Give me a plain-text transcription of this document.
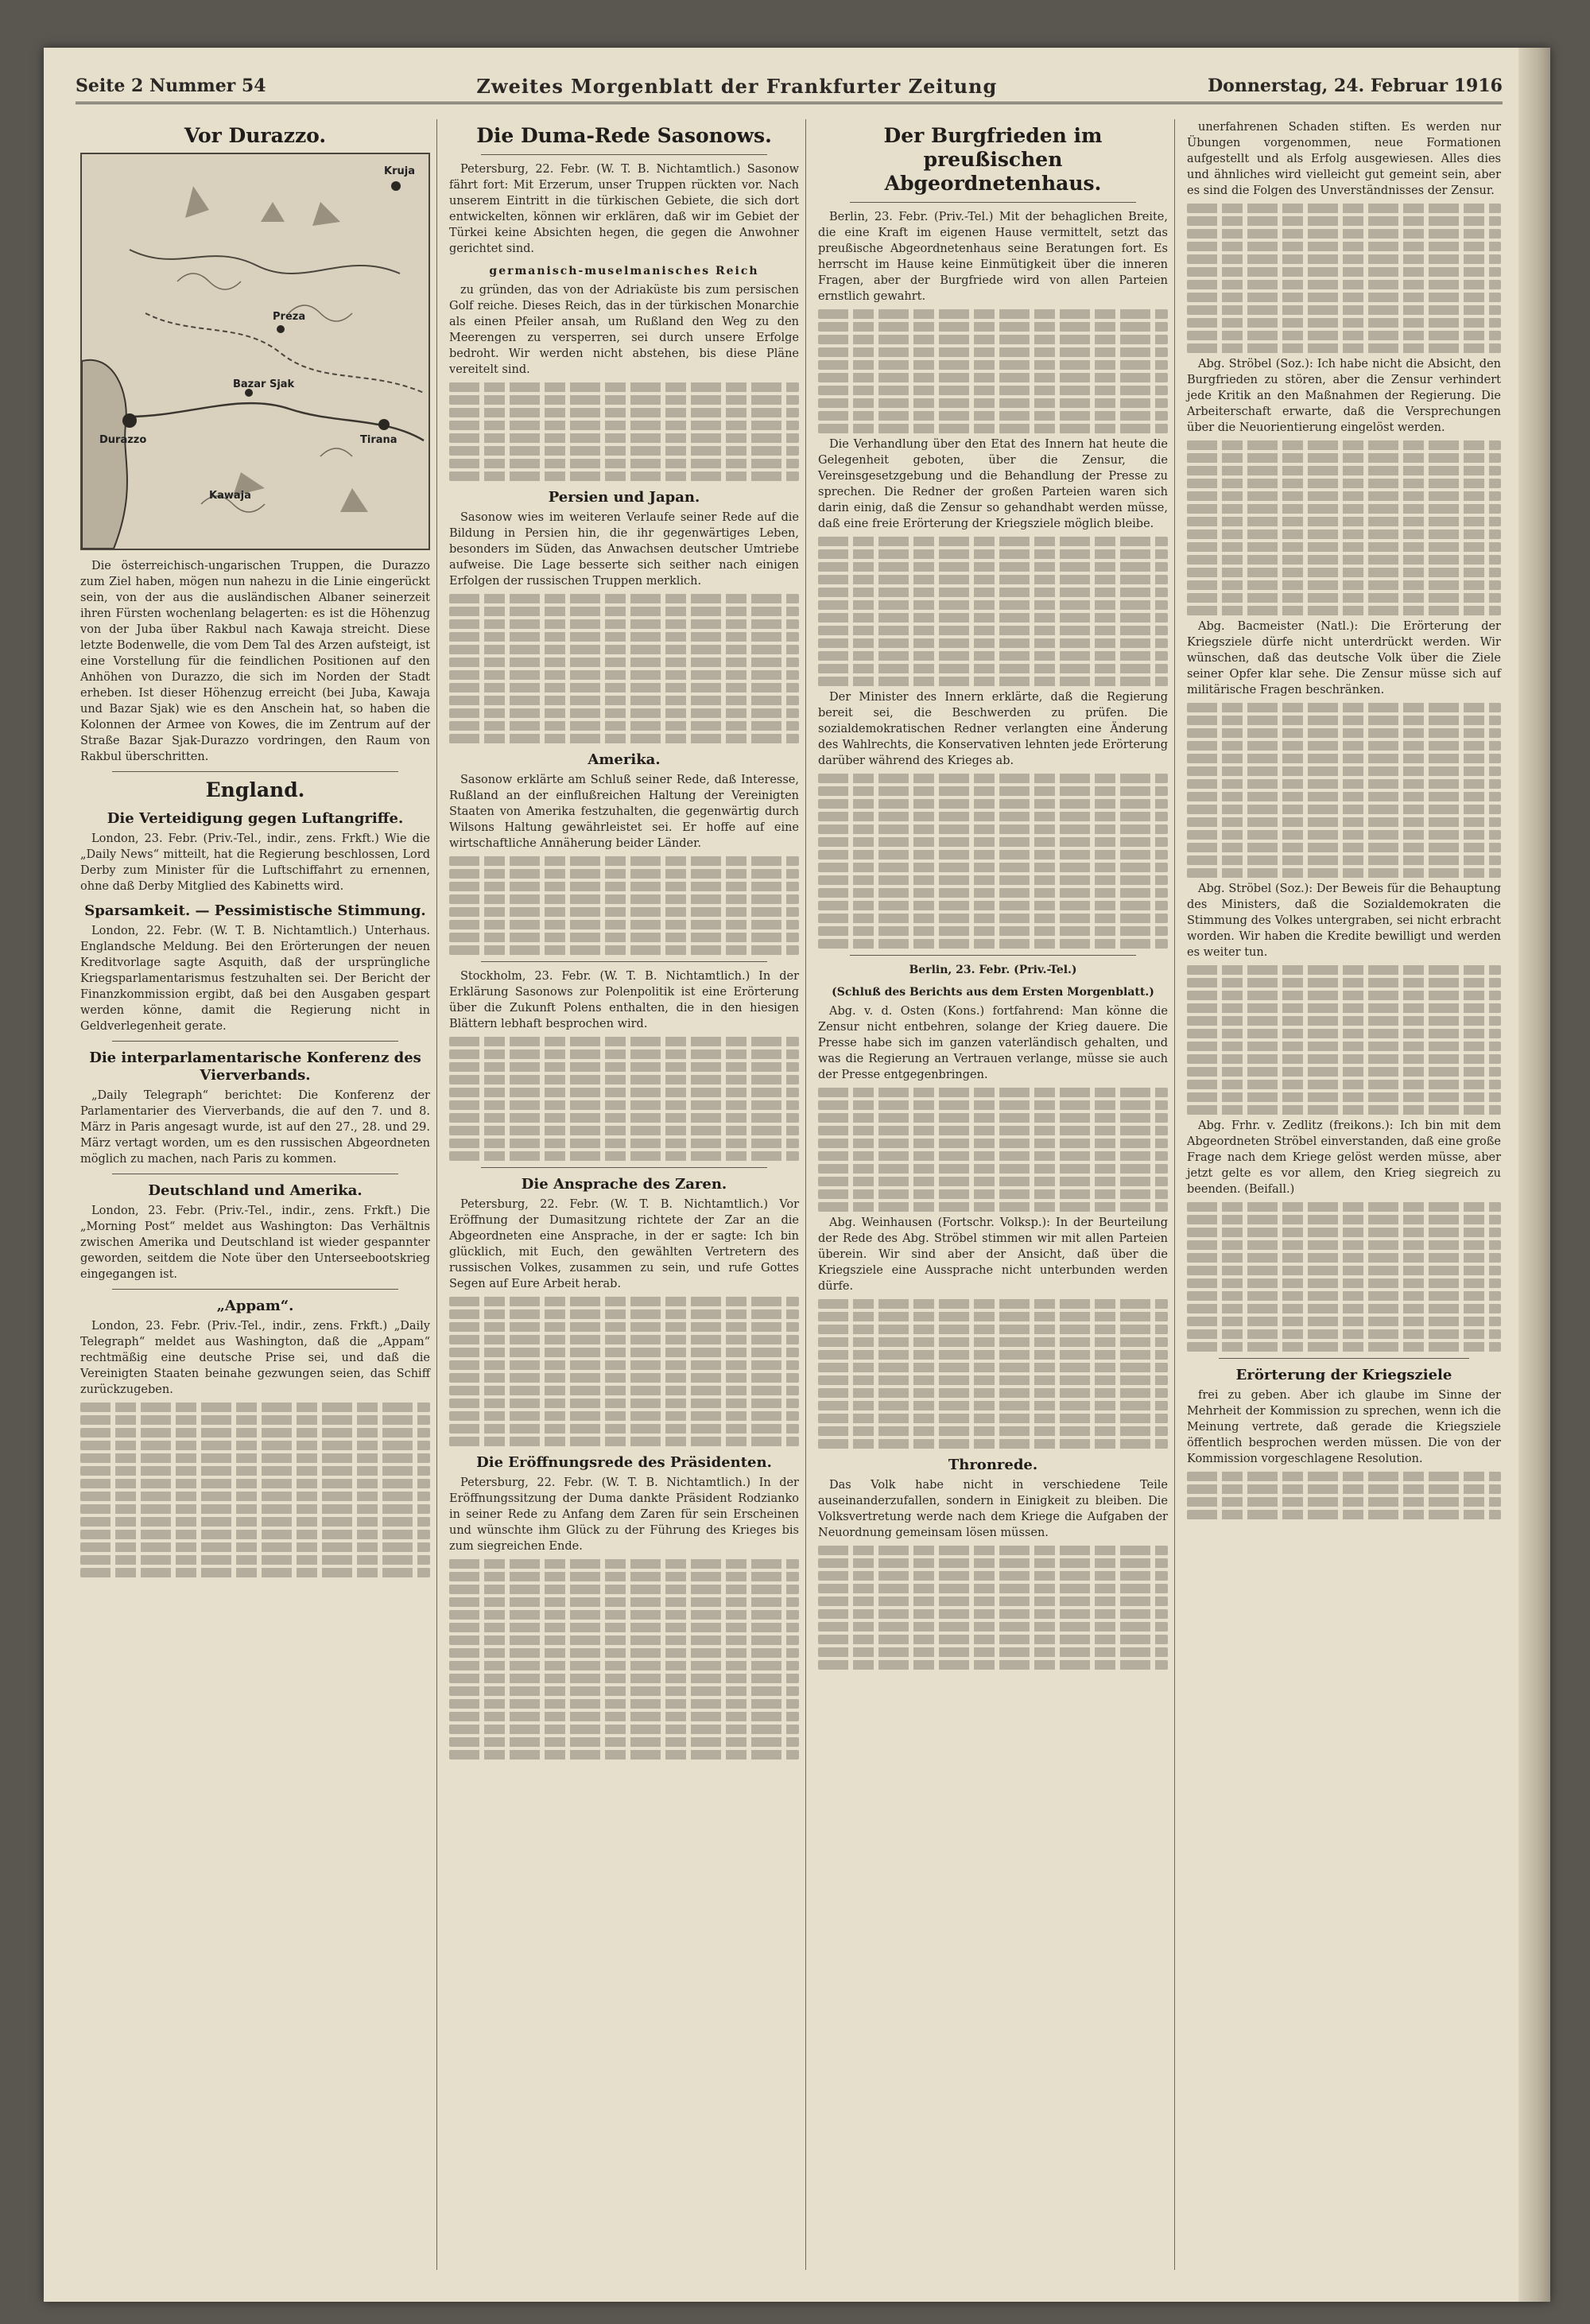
Seite 2 Nummer 54	Zweites Morgenblatt der Frankfurter Zeitung	Donnerstag, 24. Februar 1916
Vor Durazzo.
Kruja
Durazzo
Bazar Sjak
Tirana
Preza
Kawaja

Die österreichisch-ungarischen Truppen, die Durazzo zum Ziel haben, mögen nun nahezu in die Linie eingerückt sein, von der aus die ausländischen Albaner seinerzeit ihren Fürsten wochenlang belagerten: es ist die Höhenzug von der Juba über Rakbul nach Kawaja streicht. Diese letzte Bodenwelle, die vom Dem Tal des Arzen aufsteigt, ist eine Vorstellung für die feindlichen Positionen auf den Anhöhen von Durazzo, die sich im Norden der Stadt erheben. Ist dieser Höhenzug erreicht (bei Juba, Kawaja und Bazar Sjak) wie es den Anschein hat, so haben die Kolonnen der Armee von Kowes, die im Zentrum auf der Straße Bazar Sjak-Durazzo vordringen, den Raum von Rakbul überschritten.

England.
Die Verteidigung gegen Luftangriffe.

London, 23. Febr. (Priv.-Tel., indir., zens. Frkft.) Wie die „Daily News“ mitteilt, hat die Regierung beschlossen, Lord Derby zum Minister für die Luftschiffahrt zu ernennen, ohne daß Derby Mitglied des Kabinetts wird.

Sparsamkeit. — Pessimistische Stimmung.

London, 22. Febr. (W. T. B. Nichtamtlich.) Unterhaus. Englandsche Meldung. Bei den Erörterungen der neuen Kreditvorlage sagte Asquith, daß der ursprüngliche Kriegsparlamentarismus festzuhalten sei. Der Bericht der Finanzkommission ergibt, daß bei den Ausgaben gespart werden könne, damit die Regierung nicht in Geldverlegenheit gerate.

Die interparlamentarische Konferenz des Vierverbands.

„Daily Telegraph“ berichtet: Die Konferenz der Parlamentarier des Vierverbands, die auf den 7. und 8. März in Paris angesagt wurde, ist auf den 27., 28. und 29. März vertagt worden, um es den russischen Abgeordneten möglich zu machen, nach Paris zu kommen.

Deutschland und Amerika.

London, 23. Febr. (Priv.-Tel., indir., zens. Frkft.) Die „Morning Post“ meldet aus Washington: Das Verhältnis zwischen Amerika und Deutschland ist wieder gespannter geworden, seitdem die Note über den Unterseebootskrieg eingegangen ist.

„Appam“.

London, 23. Febr. (Priv.-Tel., indir., zens. Frkft.) „Daily Telegraph“ meldet aus Washington, daß die „Appam“ rechtmäßig eine deutsche Prise sei, und daß die Vereinigten Staaten beinahe gezwungen seien, das Schiff zurückzugeben.

Die Duma-Rede Sasonows.

Petersburg, 22. Febr. (W. T. B. Nichtamtlich.) Sasonow fährt fort: Mit Erzerum, unser Truppen rückten vor. Nach unserem Eintritt in die türkischen Gebiete, die sich dort entwickelten, können wir erklären, daß wir im Gebiet der Türkei keine Absichten hegen, die gegen die Anwohner gerichtet sind.

germanisch-muselmanisches Reich

zu gründen, das von der Adriaküste bis zum persischen Golf reiche. Dieses Reich, das in der türkischen Monarchie als einen Pfeiler ansah, um Rußland den Weg zu den Meerengen zu versperren, sei durch unsere Erfolge bedroht. Wir werden nicht abstehen, bis diese Pläne vereitelt sind.

Persien und Japan.

Sasonow wies im weiteren Verlaufe seiner Rede auf die Bildung in Persien hin, die ihr gegenwärtiges Leben, besonders im Süden, das Anwachsen deutscher Umtriebe aufweise. Die Lage besserte sich seither nach einigen Erfolgen der russischen Truppen merklich.

Amerika.

Sasonow erklärte am Schluß seiner Rede, daß Interesse, Rußland an der einflußreichen Haltung der Vereinigten Staaten von Amerika festzuhalten, die gegenwärtig durch Wilsons Haltung gewährleistet sei. Er hoffe auf eine wirtschaftliche Annäherung beider Länder.

Stockholm, 23. Febr. (W. T. B. Nichtamtlich.) In der Erklärung Sasonows zur Polenpolitik ist eine Erörterung über die Zukunft Polens enthalten, die in den hiesigen Blättern lebhaft besprochen wird.

Die Ansprache des Zaren.

Petersburg, 22. Febr. (W. T. B. Nichtamtlich.) Vor Eröffnung der Dumasitzung richtete der Zar an die Abgeordneten eine Ansprache, in der er sagte: Ich bin glücklich, mit Euch, den gewählten Vertretern des russischen Volkes, zusammen zu sein, und rufe Gottes Segen auf Eure Arbeit herab.

Die Eröffnungsrede des Präsidenten.

Petersburg, 22. Febr. (W. T. B. Nichtamtlich.) In der Eröffnungssitzung der Duma dankte Präsident Rodzianko in seiner Rede zu Anfang dem Zaren für sein Erscheinen und wünschte ihm Glück zu der Führung des Krieges bis zum siegreichen Ende.

Der Burgfrieden im preußischen Abgeordnetenhaus.

Berlin, 23. Febr. (Priv.-Tel.) Mit der behaglichen Breite, die eine Kraft im eigenen Hause vermittelt, setzt das preußische Abgeordnetenhaus seine Beratungen fort. Es herrscht im Hause keine Einmütigkeit über die inneren Fragen, aber der Burgfriede wird von allen Parteien ernstlich gewahrt.

Die Verhandlung über den Etat des Innern hat heute die Gelegenheit geboten, über die Zensur, die Vereinsgesetzgebung und die Behandlung der Presse zu sprechen. Die Redner der großen Parteien waren sich darin einig, daß die Zensur so gehandhabt werden müsse, daß eine freie Erörterung der Kriegsziele möglich bleibe.

Der Minister des Innern erklärte, daß die Regierung bereit sei, die Beschwerden zu prüfen. Die sozialdemokratischen Redner verlangten eine Änderung des Wahlrechts, die Konservativen lehnten jede Erörterung darüber während des Krieges ab.

Berlin, 23. Febr. (Priv.-Tel.)
(Schluß des Berichts aus dem Ersten Morgenblatt.)

Abg. v. d. Osten (Kons.) fortfahrend: Man könne die Zensur nicht entbehren, solange der Krieg dauere. Die Presse habe sich im ganzen vaterländisch gehalten, und was die Regierung an Vertrauen verlange, müsse sie auch der Presse entgegenbringen.

Abg. Weinhausen (Fortschr. Volksp.): In der Beurteilung der Rede des Abg. Ströbel stimmen wir mit allen Parteien überein. Wir sind aber der Ansicht, daß über die Kriegsziele eine Aussprache nicht unterbunden werden dürfe.

Thronrede.

Das Volk habe nicht in verschiedene Teile auseinanderzufallen, sondern in Einigkeit zu bleiben. Die Volksvertretung werde nach dem Kriege die Aufgaben der Neuordnung gemeinsam lösen müssen.

unerfahrenen Schaden stiften. Es werden nur Übungen vorgenommen, neue Formationen aufgestellt und als Erfolg ausgewiesen. Alles dies und ähnliches wird vielleicht gut gemeint sein, aber es sind die Folgen des Unverständnisses der Zensur.

Abg. Ströbel (Soz.): Ich habe nicht die Absicht, den Burgfrieden zu stören, aber die Zensur verhindert jede Kritik an den Maßnahmen der Regierung. Die Arbeiterschaft erwarte, daß die Versprechungen über die Neuorientierung eingelöst werden.

Abg. Bacmeister (Natl.): Die Erörterung der Kriegsziele dürfe nicht unterdrückt werden. Wir wünschen, daß das deutsche Volk über die Ziele seiner Opfer klar sehe. Die Zensur müsse sich auf militärische Fragen beschränken.

Abg. Ströbel (Soz.): Der Beweis für die Behauptung des Ministers, daß die Sozialdemokraten die Stimmung des Volkes untergraben, sei nicht erbracht worden. Wir haben die Kredite bewilligt und werden es weiter tun.

Abg. Frhr. v. Zedlitz (freikons.): Ich bin mit dem Abgeordneten Ströbel einverstanden, daß eine große Frage nach dem Kriege gelöst werden müsse, aber jetzt gelte es vor allem, den Krieg siegreich zu beenden. (Beifall.)

Erörterung der Kriegsziele

frei zu geben. Aber ich glaube im Sinne der Mehrheit der Kommission zu sprechen, wenn ich die Meinung vertrete, daß gerade die Kriegsziele öffentlich besprochen werden müssen. Die von der Kommission vorgeschlagene Resolution.
